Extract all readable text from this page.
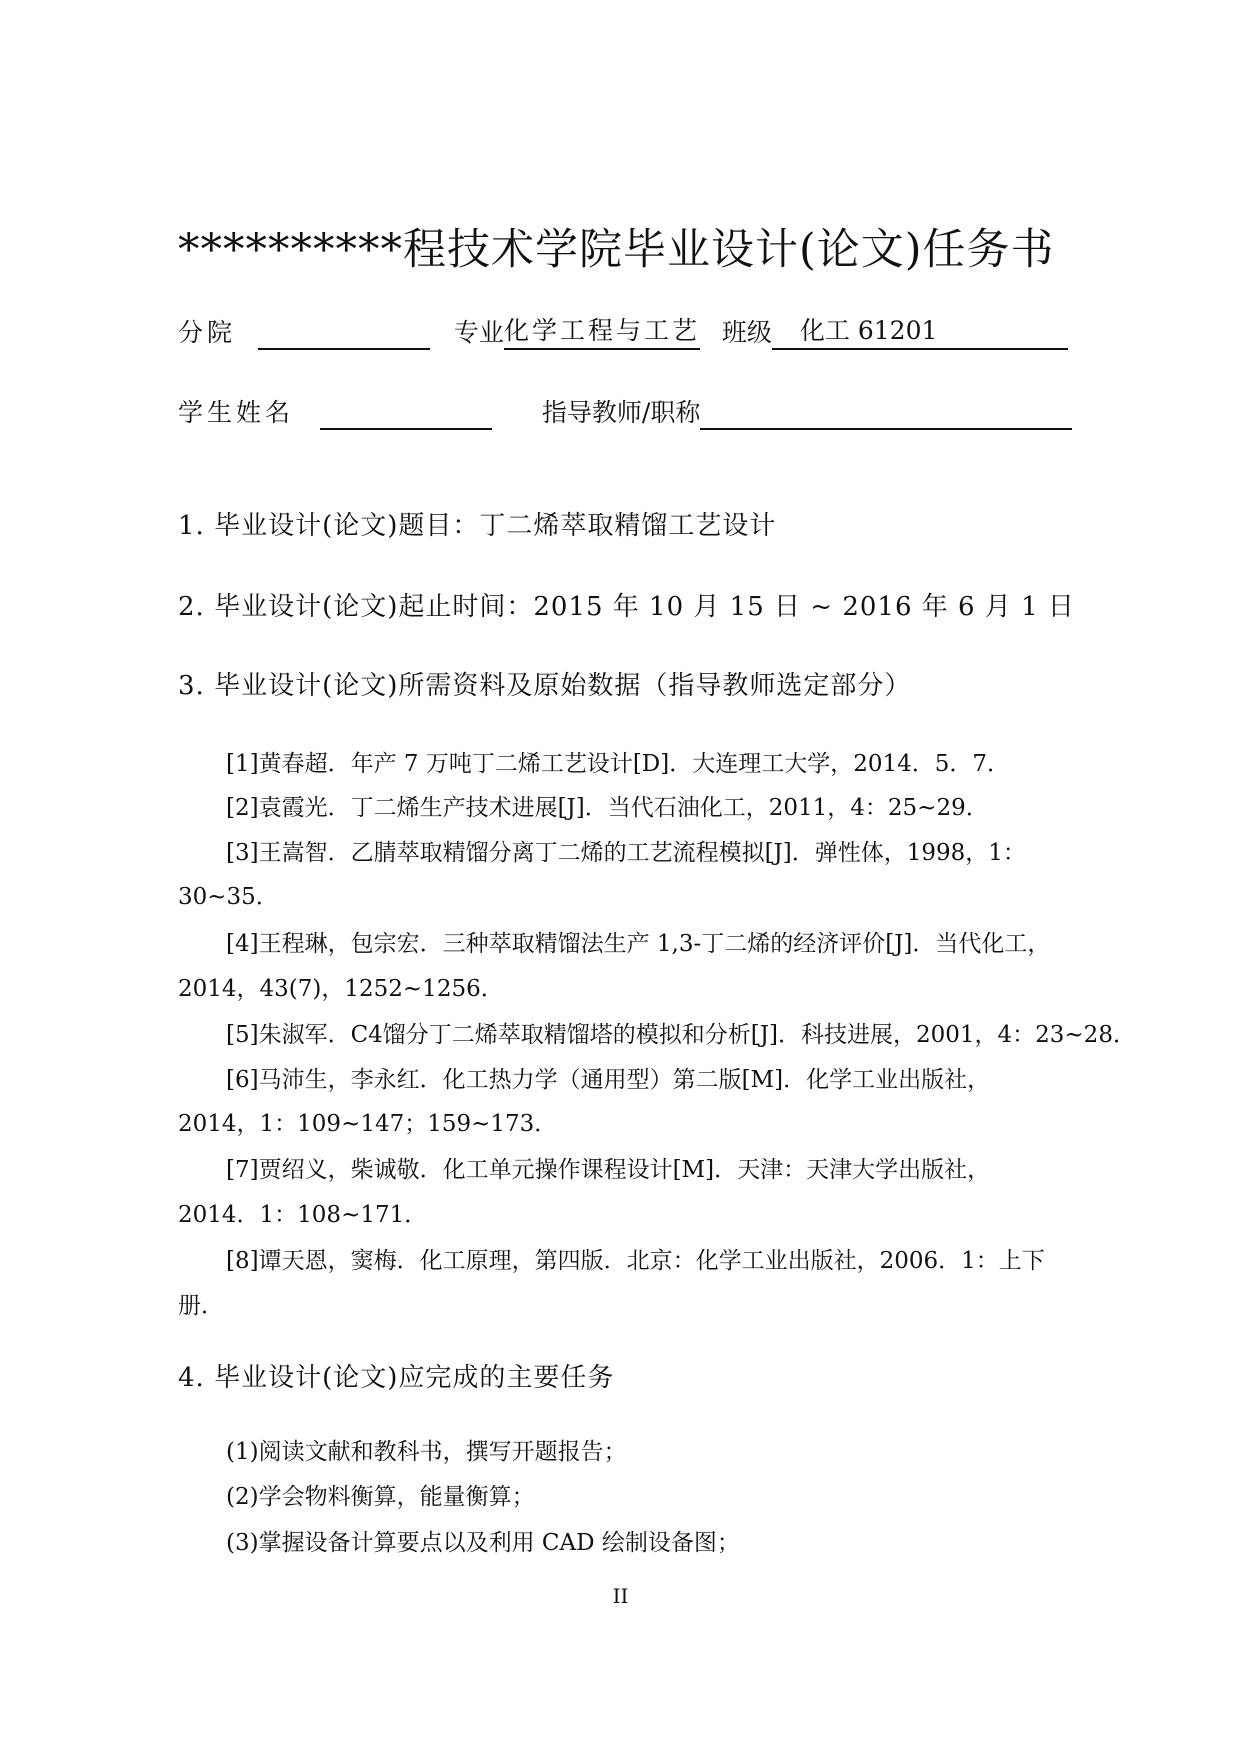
**********程技术学院毕业设计(论文)任务书
分院	专业化学工程与工艺 班级 化工 61201
学生姓名	指导教师/职称
1. 毕业设计(论文)题目：丁二烯萃取精馏工艺设计
2. 毕业设计(论文)起止时间：2015 年 10 月 15 日 ~ 2016 年 6 月 1 日
3. 毕业设计(论文)所需资料及原始数据（指导教师选定部分）
[1]黄春超．年产 7 万吨丁二烯工艺设计[D]．大连理工大学，2014．5．7．
[2]袁霞光．丁二烯生产技术进展[J]．当代石油化工，2011，4：25~29．
[3]王嵩智．乙腈萃取精馏分离丁二烯的工艺流程模拟[J]．弹性体，1998，1：
30~35．
[4]王程琳，包宗宏．三种萃取精馏法生产 1,3-丁二烯的经济评价[J]．当代化工，
2014，43(7)，1252~1256．
[5]朱淑军．C4馏分丁二烯萃取精馏塔的模拟和分析[J]．科技进展，2001，4：23~28．
[6]马沛生，李永红．化工热力学（通用型）第二版[M]．化学工业出版社，
2014，1：109~147；159~173．
[7]贾绍义，柴诚敬．化工单元操作课程设计[M]．天津：天津大学出版社，
2014．1：108~171．
[8]谭天恩，窦梅．化工原理，第四版．北京：化学工业出版社，2006．1：上下
册．
4. 毕业设计(论文)应完成的主要任务
(1)阅读文献和教科书，撰写开题报告；
(2)学会物料衡算，能量衡算；
(3)掌握设备计算要点以及利用 CAD 绘制设备图；
II
